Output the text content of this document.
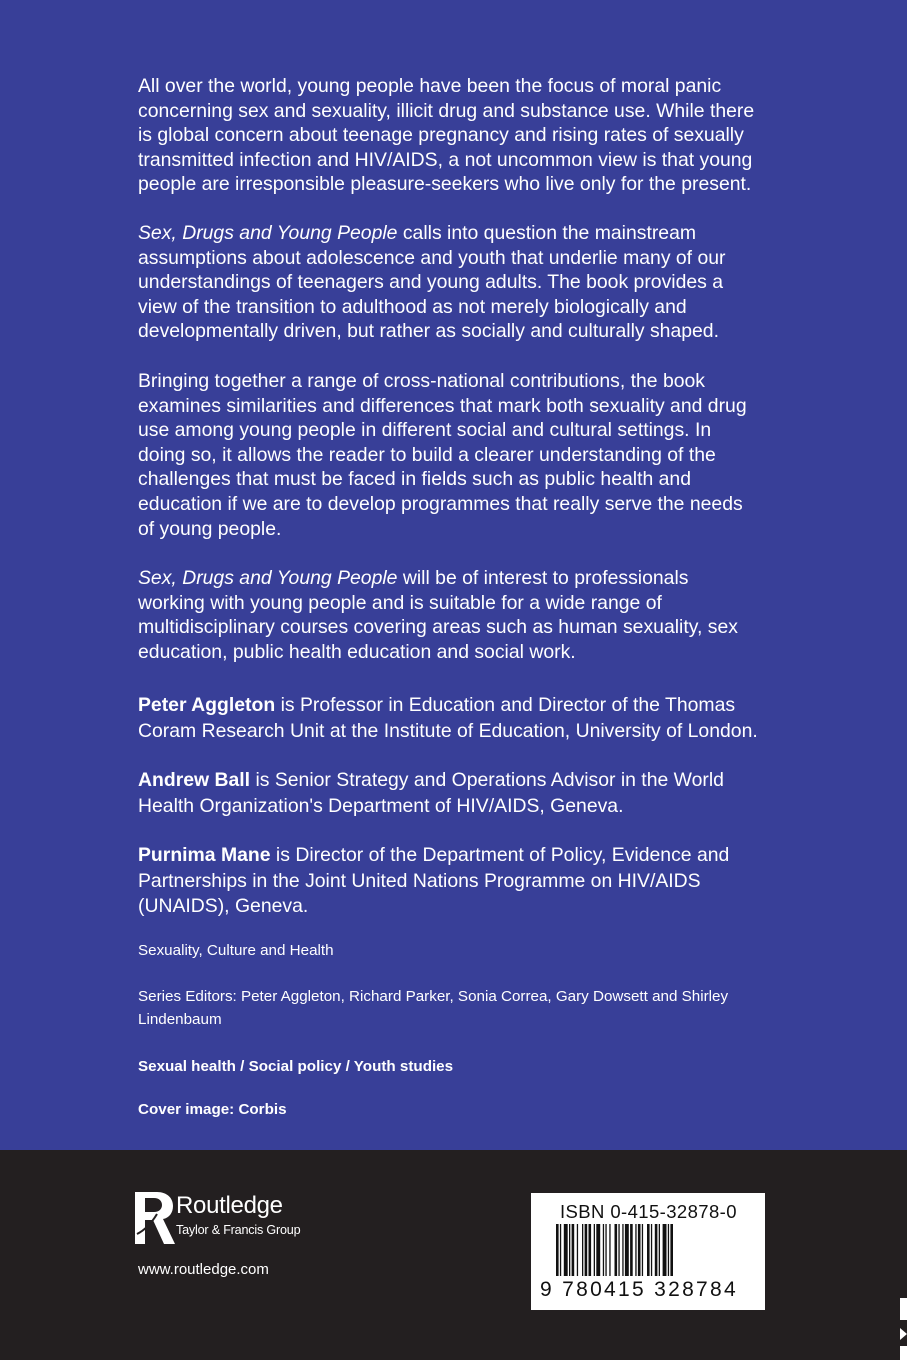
All over the world, young people have been the focus of moral panic concerning sex and sexuality, illicit drug and substance use. While there is global concern about teenage pregnancy and rising rates of sexually transmitted infection and HIV/AIDS, a not uncommon view is that young people are irresponsible pleasure-seekers who live only for the present.

Sex, Drugs and Young People calls into question the mainstream assumptions about adolescence and youth that underlie many of our understandings of teenagers and young adults. The book provides a view of the transition to adulthood as not merely biologically and developmentally driven, but rather as socially and culturally shaped.

Bringing together a range of cross-national contributions, the book examines similarities and differences that mark both sexuality and drug use among young people in different social and cultural settings. In doing so, it allows the reader to build a clearer understanding of the challenges that must be faced in fields such as public health and education if we are to develop programmes that really serve the needs of young people.

Sex, Drugs and Young People will be of interest to professionals working with young people and is suitable for a wide range of multidisciplinary courses covering areas such as human sexuality, sex education, public health education and social work.

Peter Aggleton is Professor in Education and Director of the Thomas Coram Research Unit at the Institute of Education, University of London.

Andrew Ball is Senior Strategy and Operations Advisor in the World Health Organization's Department of HIV/AIDS, Geneva.

Purnima Mane is Director of the Department of Policy, Evidence and Partnerships in the Joint United Nations Programme on HIV/AIDS (UNAIDS), Geneva.

Sexuality, Culture and Health

Series Editors: Peter Aggleton, Richard Parker, Sonia Correa, Gary Dowsett and Shirley Lindenbaum

Sexual health / Social policy / Youth studies

Cover image: Corbis

Routledge
Taylor & Francis Group
www.routledge.com
ISBN 0-415-32878-0
9 780415 328784
